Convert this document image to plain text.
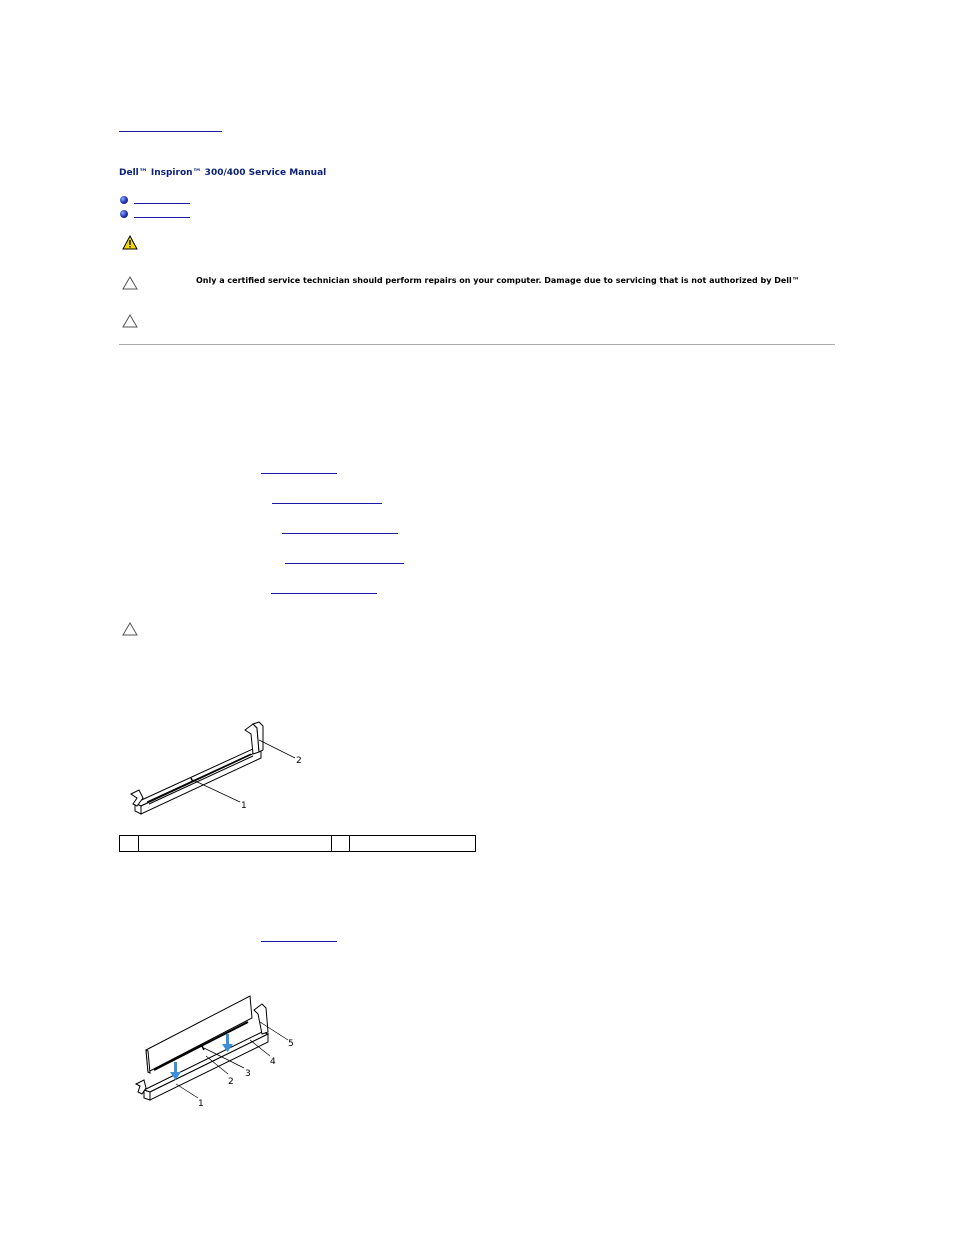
Dell™ Inspiron™ 300/400 Service Manual
Only a certified service technician should perform repairs on your computer. Damage due to servicing that is not authorized by Dell™
1
2

1
2
3
4
5
